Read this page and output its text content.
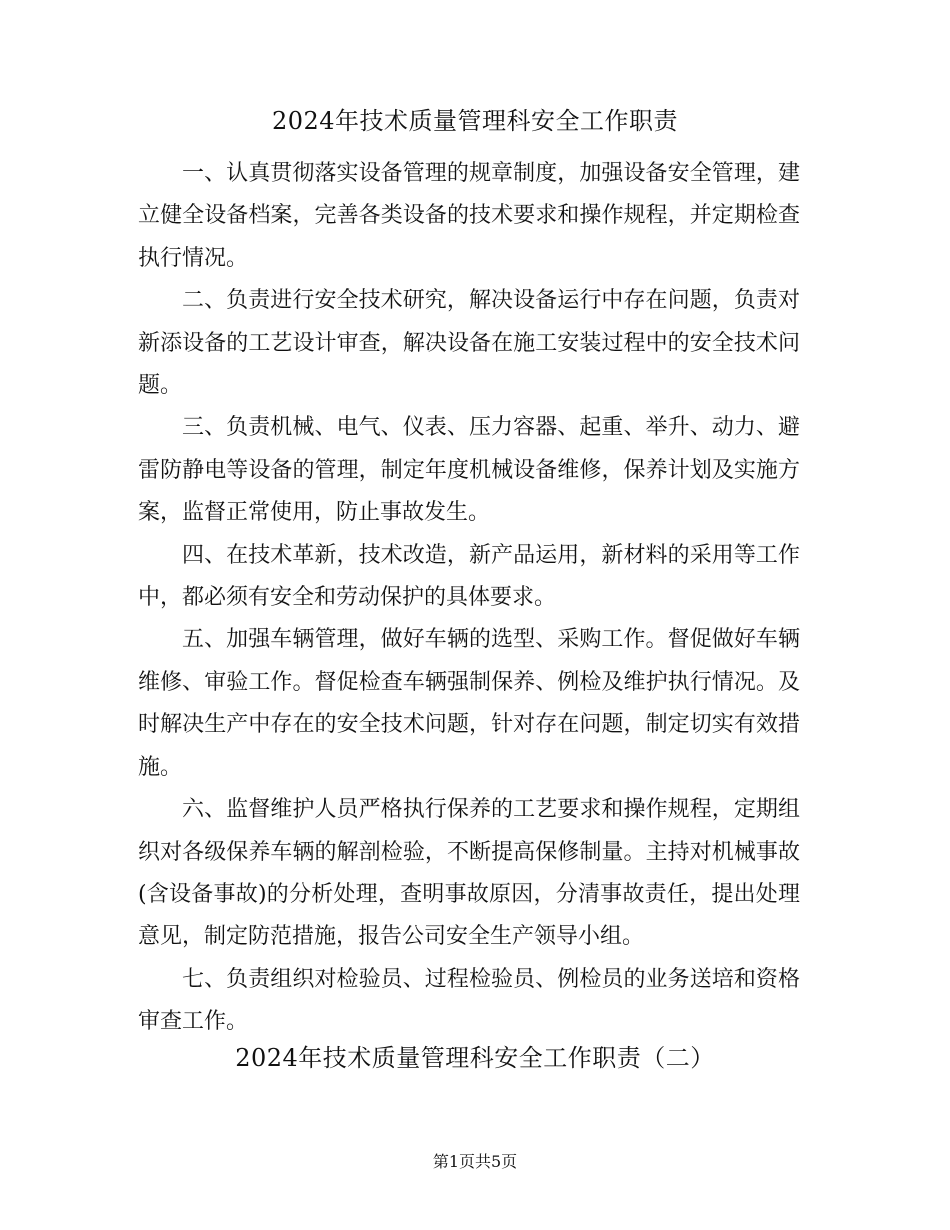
2024年技术质量管理科安全工作职责

一、认真贯彻落实设备管理的规章制度，加强设备安全管理，建立健全设备档案，完善各类设备的技术要求和操作规程，并定期检查执行情况。

二、负责进行安全技术研究，解决设备运行中存在问题，负责对新添设备的工艺设计审查，解决设备在施工安装过程中的安全技术问题。

三、负责机械、电气、仪表、压力容器、起重、举升、动力、避雷防静电等设备的管理，制定年度机械设备维修，保养计划及实施方案，监督正常使用，防止事故发生。

四、在技术革新，技术改造，新产品运用，新材料的采用等工作中，都必须有安全和劳动保护的具体要求。

五、加强车辆管理，做好车辆的选型、采购工作。督促做好车辆维修、审验工作。督促检查车辆强制保养、例检及维护执行情况。及时解决生产中存在的安全技术问题，针对存在问题，制定切实有效措施。

六、监督维护人员严格执行保养的工艺要求和操作规程，定期组织对各级保养车辆的解剖检验，不断提高保修制量。主持对机械事故(含设备事故)的分析处理，查明事故原因，分清事故责任，提出处理意见，制定防范措施，报告公司安全生产领导小组。

七、负责组织对检验员、过程检验员、例检员的业务送培和资格审查工作。

2024年技术质量管理科安全工作职责（二）
第1页共5页
